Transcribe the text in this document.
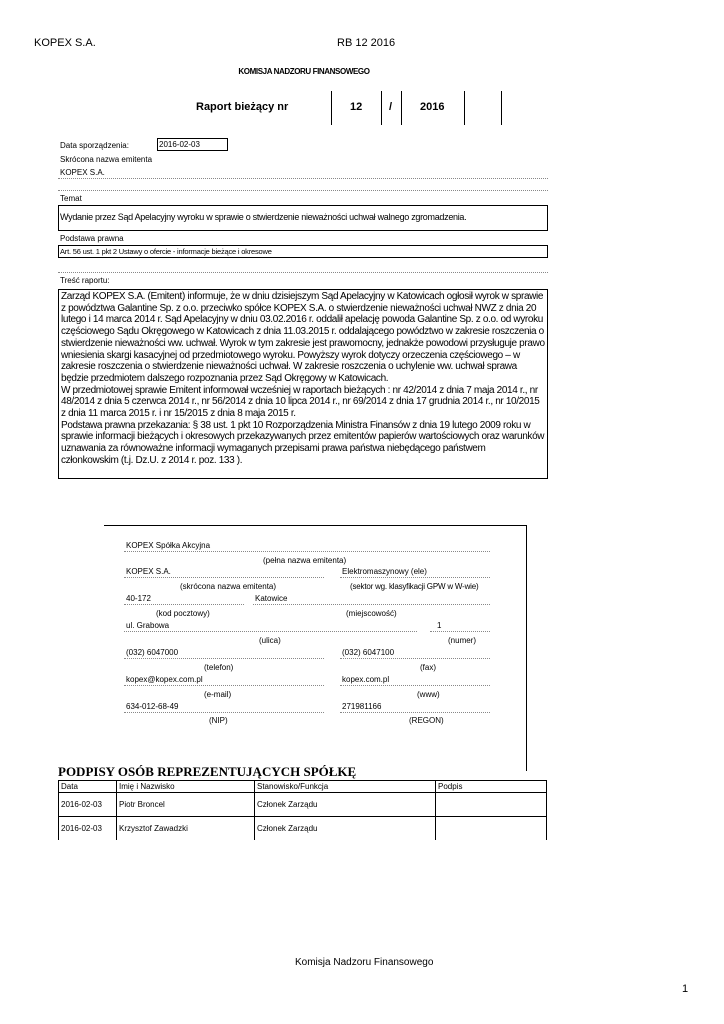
KOPEX S.A.	RB 12 2016
KOMISJA NADZORU FINANSOWEGO
Raport bieżący nr	12 /	2016
Data sporządzenia:	2016-02-03
Skrócona nazwa emitenta
KOPEX S.A.
Temat
Wydanie przez Sąd Apelacyjny wyroku w sprawie o stwierdzenie nieważności uchwał walnego zgromadzenia.
Podstawa prawna
Art. 56 ust. 1 pkt 2 Ustawy o ofercie - informacje bieżące i okresowe
Treść raportu:

Zarząd KOPEX S.A. (Emitent) informuje, że w dniu dzisiejszym Sąd Apelacyjny w Katowicach ogłosił wyrok w sprawie z powództwa Galantine Sp. z o.o. przeciwko spółce KOPEX S.A. o stwierdzenie nieważności uchwał NWZ z dnia 20 lutego i 14 marca 2014 r. Sąd Apelacyjny w dniu 03.02.2016 r. oddalił apelację powoda Galantine Sp. z o.o. od wyroku częściowego Sądu Okręgowego w Katowicach z dnia 11.03.2015 r. oddalającego powództwo w zakresie roszczenia o stwierdzenie nieważności ww. uchwał. Wyrok w tym zakresie jest prawomocny, jednakże powodowi przysługuje prawo wniesienia skargi kasacyjnej od przedmiotowego wyroku. Powyższy wyrok dotyczy orzeczenia częściowego – w zakresie roszczenia o stwierdzenie nieważności uchwał. W zakresie roszczenia o uchylenie ww. uchwał sprawa będzie przedmiotem dalszego rozpoznania przez Sąd Okręgowy w Katowicach.

W przedmiotowej sprawie Emitent informował wcześniej w raportach bieżących : nr 42/2014 z dnia 7 maja 2014 r., nr 48/2014 z dnia 5 czerwca 2014 r., nr 56/2014 z dnia 10 lipca 2014 r., nr 69/2014 z dnia 17 grudnia 2014 r., nr 10/2015 z dnia 11 marca 2015 r. i nr 15/2015 z dnia 8 maja 2015 r.

Podstawa prawna przekazania: § 38 ust. 1 pkt 10 Rozporządzenia Ministra Finansów z dnia 19 lutego 2009 roku w sprawie informacji bieżących i okresowych przekazywanych przez emitentów papierów wartościowych oraz warunków uznawania za równoważne informacji wymaganych przepisami prawa państwa niebędącego państwem członkowskim (t.j. Dz.U. z 2014 r. poz. 133 ).

KOPEX Spółka Akcyjna
(pełna nazwa emitenta)
KOPEX S.A.
(skrócona nazwa emitenta)
Elektromaszynowy (ele)
(sektor wg. klasyfikacji GPW w W-wie)
40-172
(kod pocztowy)
Katowice
(miejscowość)
ul. Grabowa
(ulica)
1
(numer)
(032) 6047000
(telefon)
(032) 6047100
(fax)
kopex@kopex.com.pl
(e-mail)
kopex.com.pl
(www)
634-012-68-49
(NIP)
271981166
(REGON)
PODPISY OSÓB REPREZENTUJĄCYCH SPÓŁKĘ
Data	Imię i Nazwisko	Stanowisko/Funkcja	Podpis
2016-02-03	Piotr Broncel	Członek Zarządu	
2016-02-03	Krzysztof Zawadzki	Członek Zarządu	
Komisja Nadzoru Finansowego
1
